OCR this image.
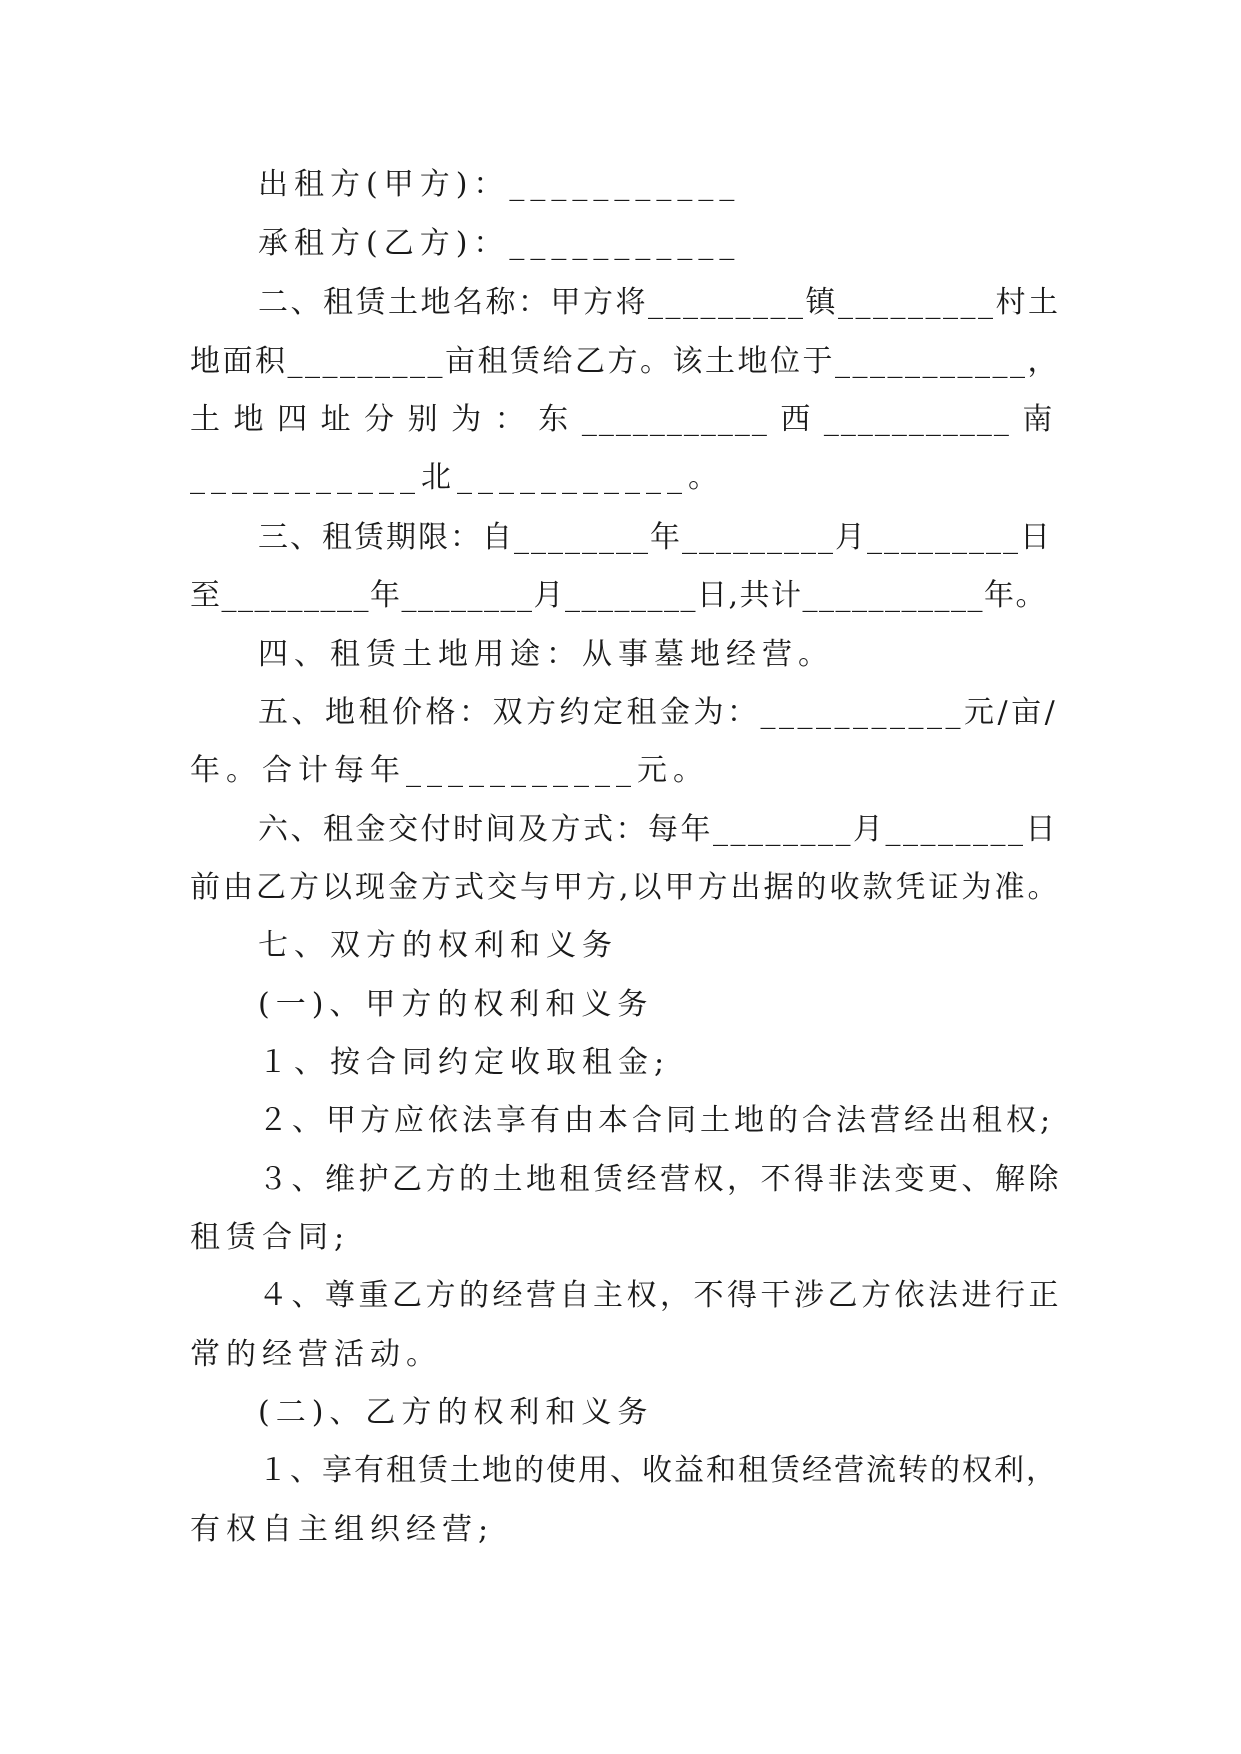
出租方(甲方)：___________

承租方(乙方)：___________

二、租赁土地名称：甲方将_________镇_________村土

地面积_________亩租赁给乙方。该土地位于___________，

土 地 四 址 分 别 为 ： 东 ___________ 西 ___________ 南

___________北___________。

三、租赁期限：自________年_________月_________日

至_________年________月________日,共计___________年。

四、租赁土地用途：从事墓地经营。

五、地租价格：双方约定租金为：___________元/亩/

年。合计每年___________元。

六、租金交付时间及方式：每年________月________日

前由乙方以现金方式交与甲方,以甲方出据的收款凭证为准。

七、双方的权利和义务

(一)、甲方的权利和义务

１、按合同约定收取租金;

２、甲方应依法享有由本合同土地的合法营经出租权;

３、维护乙方的土地租赁经营权，不得非法变更、解除

租赁合同;

４、尊重乙方的经营自主权，不得干涉乙方依法进行正

常的经营活动。

(二)、乙方的权利和义务

１、享有租赁土地的使用、收益和租赁经营流转的权利，

有权自主组织经营;
